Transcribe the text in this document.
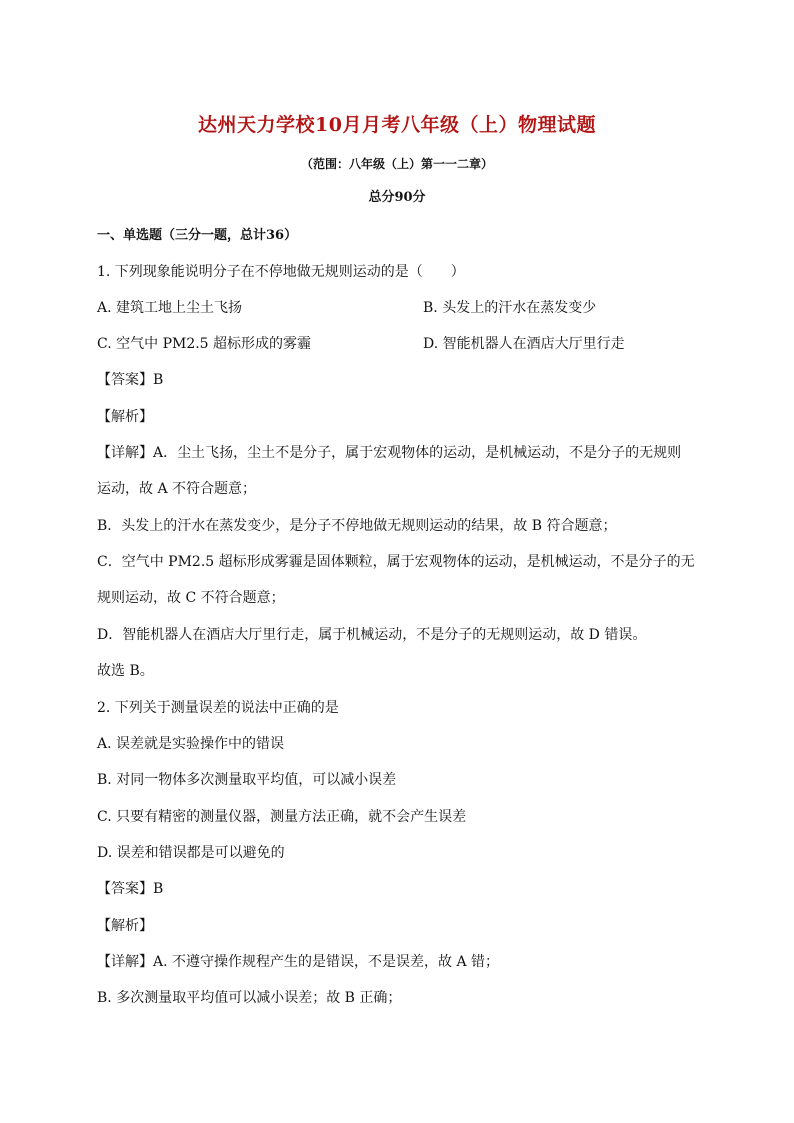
达州天力学校10月月考八年级（上）物理试题
（范围：八年级（上）第一一二章）
总分90分
一、单选题（三分一题，总计36）
1. 下列现象能说明分子在不停地做无规则运动的是（　　）
A. 建筑工地上尘土飞扬	B. 头发上的汗水在蒸发变少
C. 空气中 PM2.5 超标形成的雾霾	D. 智能机器人在酒店大厅里行走
【答案】B
【解析】
【详解】A．尘土飞扬，尘土不是分子，属于宏观物体的运动，是机械运动，不是分子的无规则
运动，故 A 不符合题意；
B．头发上的汗水在蒸发变少，是分子不停地做无规则运动的结果，故 B 符合题意；
C．空气中 PM2.5 超标形成雾霾是固体颗粒，属于宏观物体的运动，是机械运动，不是分子的无
规则运动，故 C 不符合题意；
D．智能机器人在酒店大厅里行走，属于机械运动，不是分子的无规则运动，故 D 错误。
故选 B。
2. 下列关于测量误差的说法中正确的是
A. 误差就是实验操作中的错误
B. 对同一物体多次测量取平均值，可以减小误差
C. 只要有精密的测量仪器，测量方法正确，就不会产生误差
D. 误差和错误都是可以避免的
【答案】B
【解析】
【详解】A. 不遵守操作规程产生的是错误，不是误差，故 A 错；
B. 多次测量取平均值可以减小误差；故 B 正确；
